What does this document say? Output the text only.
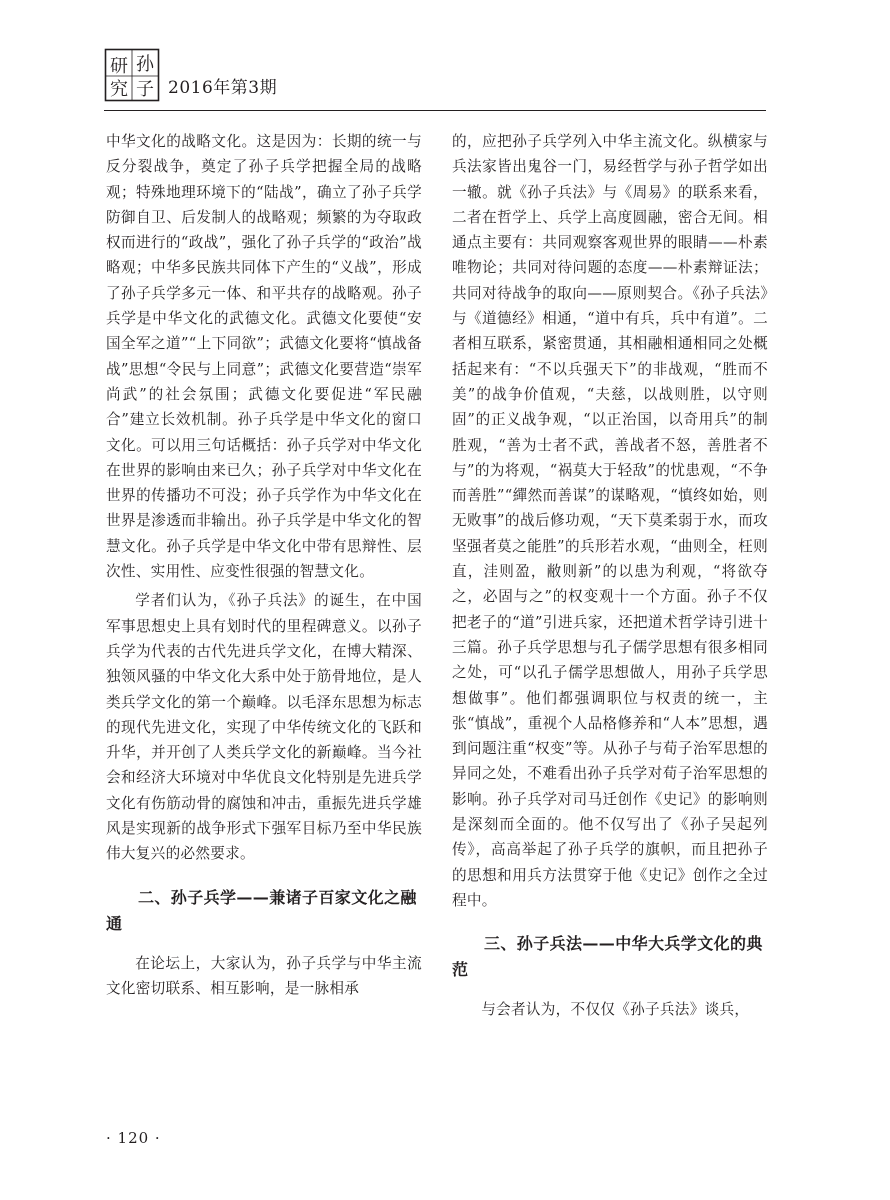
孙
研
子
究 2016年第3期

中华文化的战略文化。这是因为：长期的统一与反分裂战争，奠定了孙子兵学把握全局的战略观；特殊地理环境下的“陆战”，确立了孙子兵学防御自卫、后发制人的战略观；频繁的为夺取政权而进行的“政战”，强化了孙子兵学的“政治”战略观；中华多民族共同体下产生的“义战”，形成了孙子兵学多元一体、和平共存的战略观。孙子兵学是中华文化的武德文化。武德文化要使“安国全军之道”“上下同欲”；武德文化要将“慎战备战”思想“令民与上同意”；武德文化要营造“崇军尚武”的社会氛围；武德文化要促进“军民融合”建立长效机制。孙子兵学是中华文化的窗口文化。可以用三句话概括：孙子兵学对中华文化在世界的影响由来已久；孙子兵学对中华文化在世界的传播功不可没；孙子兵学作为中华文化在世界是渗透而非输出。孙子兵学是中华文化的智慧文化。孙子兵学是中华文化中带有思辩性、层次性、实用性、应变性很强的智慧文化。

学者们认为，《孙子兵法》的诞生，在中国军事思想史上具有划时代的里程碑意义。以孙子兵学为代表的古代先进兵学文化，在博大精深、独领风骚的中华文化大系中处于筋骨地位，是人类兵学文化的第一个巅峰。以毛泽东思想为标志的现代先进文化，实现了中华传统文化的飞跃和升华，并开创了人类兵学文化的新巅峰。当今社会和经济大环境对中华优良文化特别是先进兵学文化有伤筋动骨的腐蚀和冲击，重振先进兵学雄风是实现新的战争形式下强军目标乃至中华民族伟大复兴的必然要求。

二、孙子兵学——兼诸子百家文化之融通

在论坛上，大家认为，孙子兵学与中华主流文化密切联系、相互影响，是一脉相承

的，应把孙子兵学列入中华主流文化。纵横家与兵法家皆出鬼谷一门，易经哲学与孙子哲学如出一辙。就《孙子兵法》与《周易》的联系来看，二者在哲学上、兵学上高度圆融，密合无间。相通点主要有：共同观察客观世界的眼睛——朴素唯物论；共同对待问题的态度——朴素辩证法；共同对待战争的取向——原则契合。《孙子兵法》与《道德经》相通，“道中有兵，兵中有道”。二者相互联系，紧密贯通，其相融相通相同之处概括起来有：“不以兵强天下”的非战观，“胜而不美”的战争价值观，“夫慈，以战则胜，以守则固”的正义战争观，“以正治国，以奇用兵”的制胜观，“善为士者不武，善战者不怒，善胜者不与”的为将观，“祸莫大于轻敌”的忧患观，“不争而善胜”“繟然而善谋”的谋略观，“慎终如始，则无败事”的战后修功观，“天下莫柔弱于水，而攻坚强者莫之能胜”的兵形若水观，“曲则全，枉则直，洼则盈，敝则新”的以患为利观，“将欲夺之，必固与之”的权变观十一个方面。孙子不仅把老子的“道”引进兵家，还把道术哲学诗引进十三篇。孙子兵学思想与孔子儒学思想有很多相同之处，可“以孔子儒学思想做人，用孙子兵学思想做事”。他们都强调职位与权责的统一，主张“慎战”，重视个人品格修养和“人本”思想，遇到问题注重“权变”等。从孙子与荀子治军思想的异同之处，不难看出孙子兵学对荀子治军思想的影响。孙子兵学对司马迁创作《史记》的影响则是深刻而全面的。他不仅写出了《孙子吴起列传》，高高举起了孙子兵学的旗帜，而且把孙子的思想和用兵方法贯穿于他《史记》创作之全过程中。

三、孙子兵法——中华大兵学文化的典范

与会者认为，不仅仅《孙子兵法》谈兵，

· 120 ·
